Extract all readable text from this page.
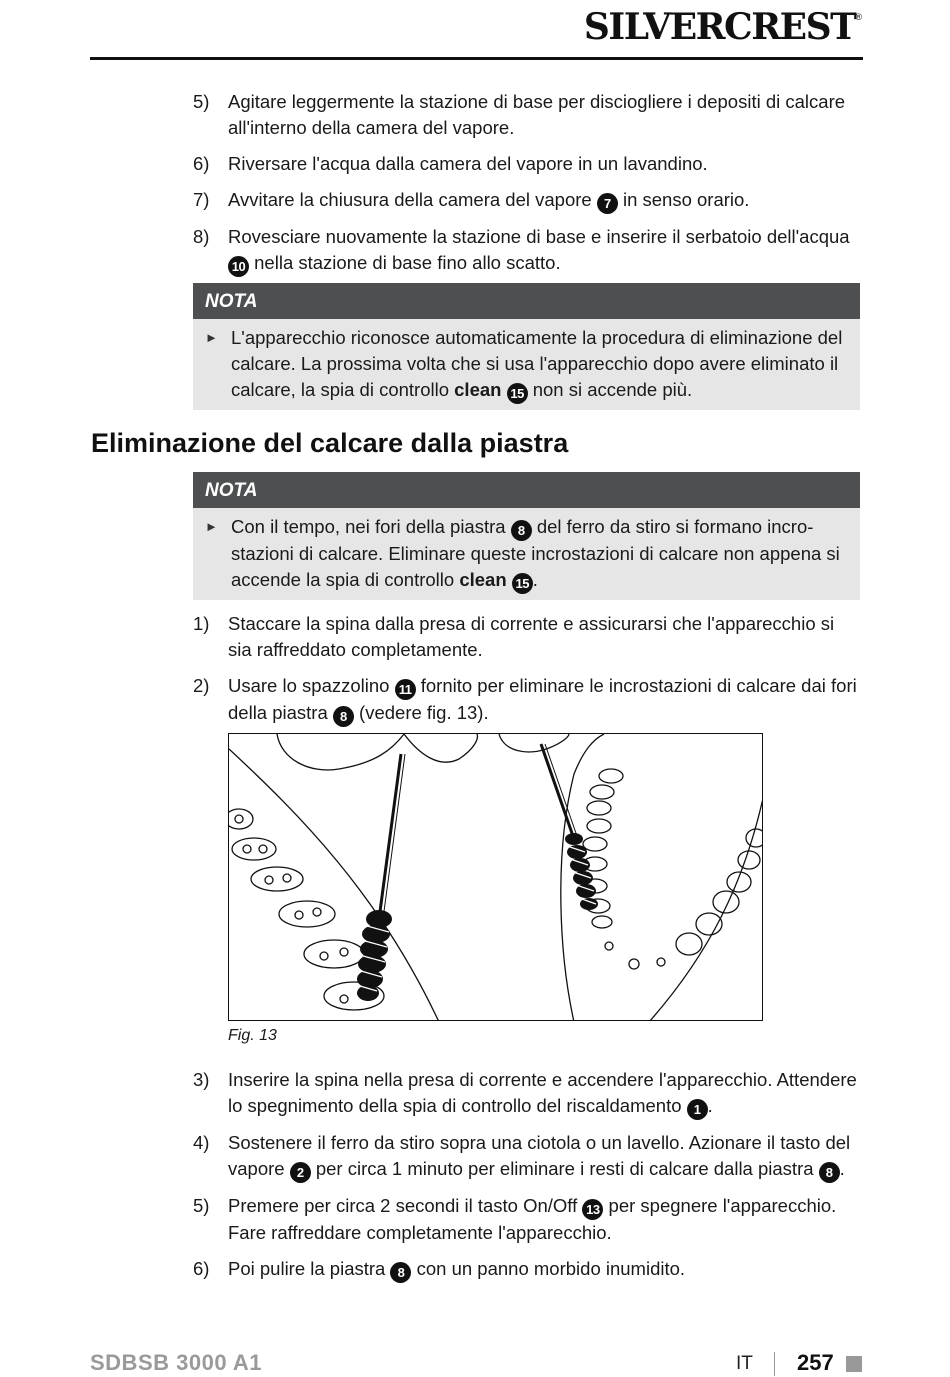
SILVERCREST®

5) Agitare leggermente la stazione di base per disciogliere i depositi di calcare all'interno della camera del vapore.

6) Riversare l'acqua dalla camera del vapore in un lavandino.

7) Avvitare la chiusura della camera del vapore 7 in senso orario.

8) Rovesciare nuovamente la stazione di base e inserire il serbatoio dell'acqua 10 nella stazione di base fino allo scatto.

NOTA
► L'apparecchio riconosce automaticamente la procedura di eliminazione del calcare. La prossima volta che si usa l'apparecchio dopo avere eliminato il calcare, la spia di controllo clean 15 non si accende più.
Eliminazione del calcare dalla piastra
NOTA
► Con il tempo, nei fori della piastra 8 del ferro da stiro si formano incro-stazioni di calcare. Eliminare queste incrostazioni di calcare non appena si accende la spia di controllo clean 15 .

1) Staccare la spina dalla presa di corrente e assicurarsi che l'apparecchio si sia raffreddato completamente.

2) Usare lo spazzolino 11 fornito per eliminare le incrostazioni di calcare dai fori della piastra 8 (vedere fig. 13).

Fig. 13

3) Inserire la spina nella presa di corrente e accendere l'apparecchio. Attendere lo spegnimento della spia di controllo del riscaldamento 1 .

4) Sostenere il ferro da stiro sopra una ciotola o un lavello. Azionare il tasto del vapore 2 per circa 1 minuto per eliminare i resti di calcare dalla piastra 8 .

5) Premere per circa 2 secondi il tasto On/Off 13 per spegnere l'apparecchio. Fare raffreddare completamente l'apparecchio.

6) Poi pulire la piastra 8 con un panno morbido inumidito.

SDBSB 3000 A1	IT 257
